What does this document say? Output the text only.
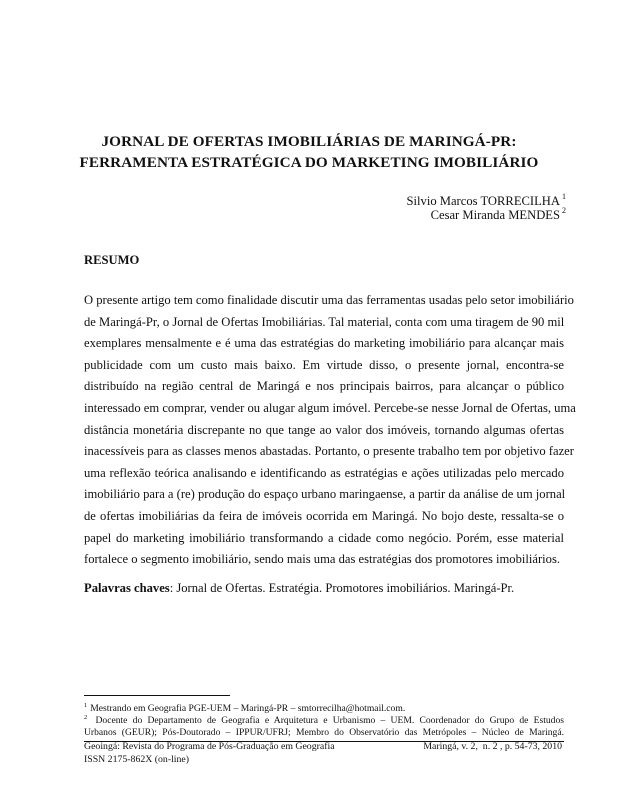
JORNAL DE OFERTAS IMOBILIÁRIAS DE MARINGÁ-PR:
FERRAMENTA ESTRATÉGICA DO MARKETING IMOBILIÁRIO
Silvio Marcos TORRECILHA $^1$
Cesar Miranda MENDES $^2$
RESUMO
O presente artigo tem como finalidade discutir uma das ferramentas usadas pelo setor imobiliário
de Maringá-Pr, o Jornal de Ofertas Imobiliárias. Tal material, conta com uma tiragem de 90 mil
exemplares mensalmente e é uma das estratégias do marketing imobiliário para alcançar mais
publicidade com um custo mais baixo. Em virtude disso, o presente jornal, encontra-se
distribuído na região central de Maringá e nos principais bairros, para alcançar o público
interessado em comprar, vender ou alugar algum imóvel. Percebe-se nesse Jornal de Ofertas, uma
distância monetária discrepante no que tange ao valor dos imóveis, tornando algumas ofertas
inacessíveis para as classes menos abastadas. Portanto, o presente trabalho tem por objetivo fazer
uma reflexão teórica analisando e identificando as estratégias e ações utilizadas pelo mercado
imobiliário para a (re) produção do espaço urbano maringaense, a partir da análise de um jornal
de ofertas imobiliárias da feira de imóveis ocorrida em Maringá. No bojo deste, ressalta-se o
papel do marketing imobiliário transformando a cidade como negócio. Porém, esse material
fortalece o segmento imobiliário, sendo mais uma das estratégias dos promotores imobiliários.
Palavras chaves: Jornal de Ofertas. Estratégia. Promotores imobiliários. Maringá-Pr.
$^1$ Mestrando em Geografia PGE-UEM – Maringá-PR – smtorrecilha@hotmail.com.
$^2$ Docente do Departamento de Geografia e Arquitetura e Urbanismo – UEM. Coordenador do Grupo de Estudos
Urbanos (GEUR); Pós-Doutorado – IPPUR/UFRJ; Membro do Observatório das Metrópoles – Núcleo de Maringá.
Geoingá: Revista do Programa de Pós-Graduação em Geografia	Maringá, v. 2,  n. 2 , p. 54-73, 2010
ISSN 2175-862X (on-line)
